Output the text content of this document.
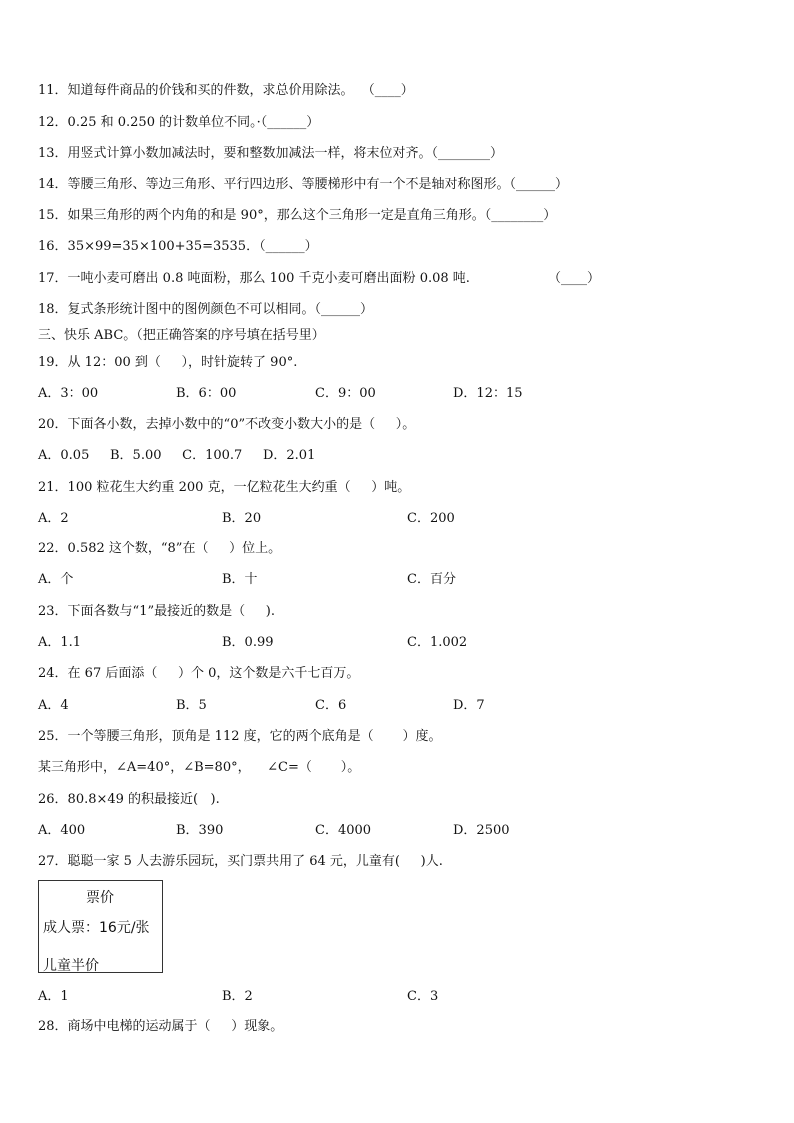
11．知道每件商品的价钱和买的件数，求总价用除法。  （____）
12．0.25 和 0.250 的计数单位不同。·（______）
13．用竖式计算小数加减法时，要和整数加减法一样，将末位对齐。（________）
14．等腰三角形、等边三角形、平行四边形、等腰梯形中有一个不是轴对称图形。（______）
15．如果三角形的两个内角的和是 90°，那么这个三角形一定是直角三角形。（________）
16．35×99=35×100+35=3535．（______）
17．一吨小麦可磨出 0.8 吨面粉，那么 100 千克小麦可磨出面粉 0.08 吨.
18．复式条形统计图中的图例颜色不可以相同。（______）
三、快乐 ABC。（把正确答案的序号填在括号里）
19．从 12：00 到（     ），时针旋转了 90°.
20．下面各小数，去掉小数中的“0”不改变小数大小的是（     ）。
21．100 粒花生大约重 200 克，一亿粒花生大约重（     ）吨。
22．0.582 这个数，“8”在（     ）位上。
23．下面各数与“1”最接近的数是（     ).
24．在 67 后面添（     ）个 0，这个数是六千七百万。
25．一个等腰三角形，顶角是 112 度，它的两个底角是（       ）度。
某三角形中，∠A=40°，∠B=80°，    ∠C=（       ）。
26．80.8×49 的积最接近(   ).
27．聪聪一家 5 人去游乐园玩，买门票共用了 64 元，儿童有(     )人.
28．商场中电梯的运动属于（     ）现象。
A．3：00	B．6：00	C．9：00	D．12：15
A．0.05     B．5.00     C．100.7     D．2.01
A．2	B．20	C．200
A．个	B．十	C．百分
A．1.1	B．0.99	C．1.002
A．4	B．5	C．6	D．7
A．400	B．390	C．4000	D．2500
A．1	B．2	C．3
（____）
票价
成人票：16元/张
儿童半价
